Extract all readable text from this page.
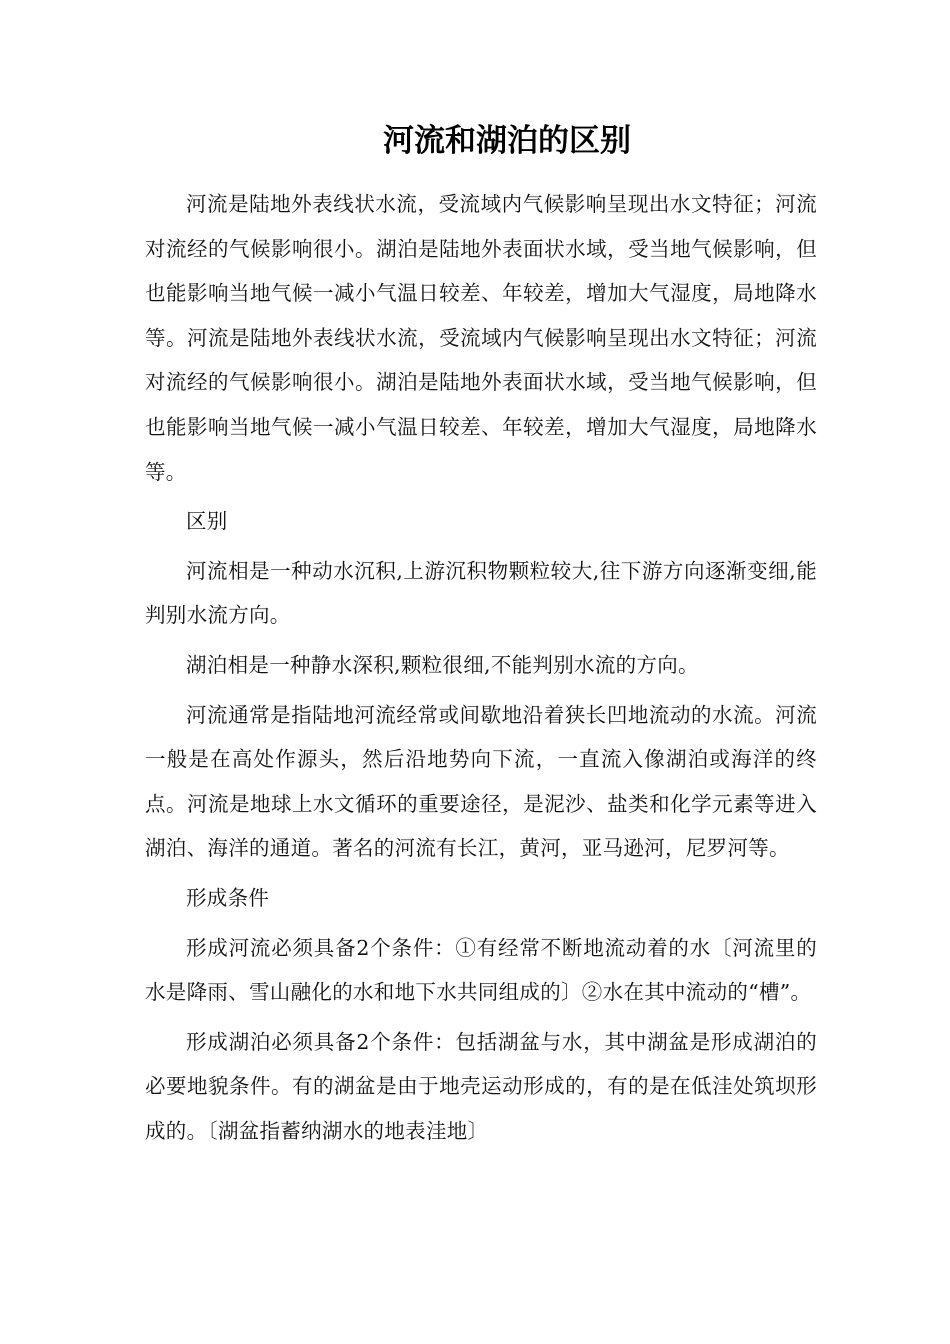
河流和湖泊的区别

河流是陆地外表线状水流，受流域内气候影响呈现出水文特征；河流对流经的气候影响很小。湖泊是陆地外表面状水域，受当地气候影响，但也能影响当地气候一减小气温日较差、年较差，增加大气湿度，局地降水等。河流是陆地外表线状水流，受流域内气候影响呈现出水文特征；河流对流经的气候影响很小。湖泊是陆地外表面状水域，受当地气候影响，但也能影响当地气候一减小气温日较差、年较差，增加大气湿度，局地降水等。

区别

河流相是一种动水沉积,上游沉积物颗粒较大,往下游方向逐渐变细,能判别水流方向。

湖泊相是一种静水深积,颗粒很细,不能判别水流的方向。

河流通常是指陆地河流经常或间歇地沿着狭长凹地流动的水流。河流一般是在高处作源头，然后沿地势向下流，一直流入像湖泊或海洋的终点。河流是地球上水文循环的重要途径，是泥沙、盐类和化学元素等进入湖泊、海洋的通道。著名的河流有长江，黄河，亚马逊河，尼罗河等。

形成条件

形成河流必须具备2个条件：①有经常不断地流动着的水〔河流里的水是降雨、雪山融化的水和地下水共同组成的〕②水在其中流动的“槽”。

形成湖泊必须具备2个条件：包括湖盆与水，其中湖盆是形成湖泊的必要地貌条件。有的湖盆是由于地壳运动形成的，有的是在低洼处筑坝形成的。〔湖盆指蓄纳湖水的地表洼地〕
